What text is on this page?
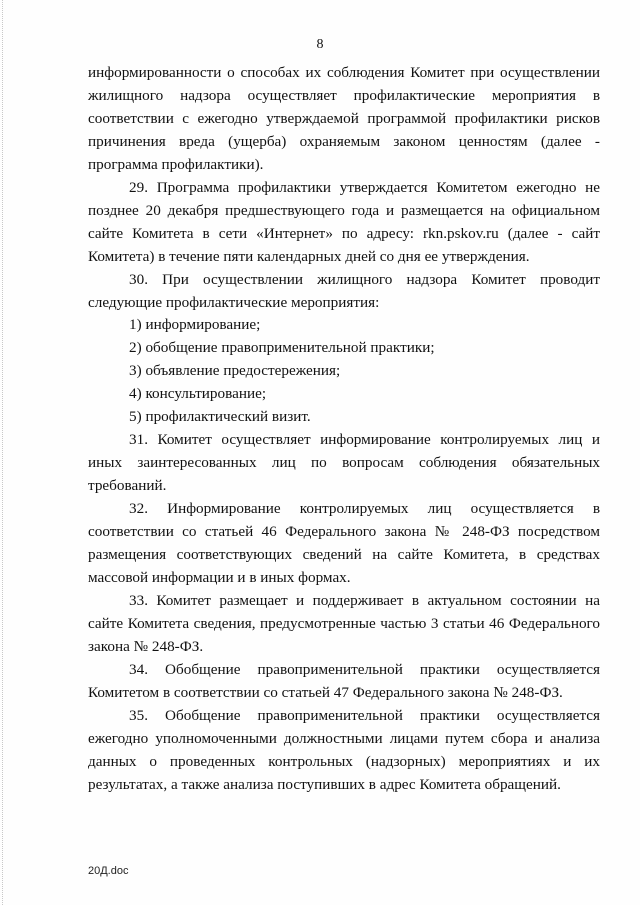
8

информированности о способах их соблюдения Комитет при осуществлении жилищного надзора осуществляет профилактические мероприятия в соответствии с ежегодно утверждаемой программой профилактики рисков причинения вреда (ущерба) охраняемым законом ценностям (далее - программа профилактики).

29. Программа профилактики утверждается Комитетом ежегодно не позднее 20 декабря предшествующего года и размещается на официальном сайте Комитета в сети «Интернет» по адресу: rkn.pskov.ru (далее - сайт Комитета) в течение пяти календарных дней со дня ее утверждения.

30. При осуществлении жилищного надзора Комитет проводит следующие профилактические мероприятия:

1) информирование;

2) обобщение правоприменительной практики;

3) объявление предостережения;

4) консультирование;

5) профилактический визит.

31. Комитет осуществляет информирование контролируемых лиц и иных заинтересованных лиц по вопросам соблюдения обязательных требований.

32. Информирование контролируемых лиц осуществляется в соответствии со статьей 46 Федерального закона № 248-ФЗ посредством размещения соответствующих сведений на сайте Комитета, в средствах массовой информации и в иных формах.

33. Комитет размещает и поддерживает в актуальном состоянии на сайте Комитета сведения, предусмотренные частью 3 статьи 46 Федерального закона № 248-ФЗ.

34. Обобщение правоприменительной практики осуществляется Комитетом в соответствии со статьей 47 Федерального закона № 248-ФЗ.

35. Обобщение правоприменительной практики осуществляется ежегодно уполномоченными должностными лицами путем сбора и анализа данных о проведенных контрольных (надзорных) мероприятиях и их результатах, а также анализа поступивших в адрес Комитета обращений.

20Д.doc
